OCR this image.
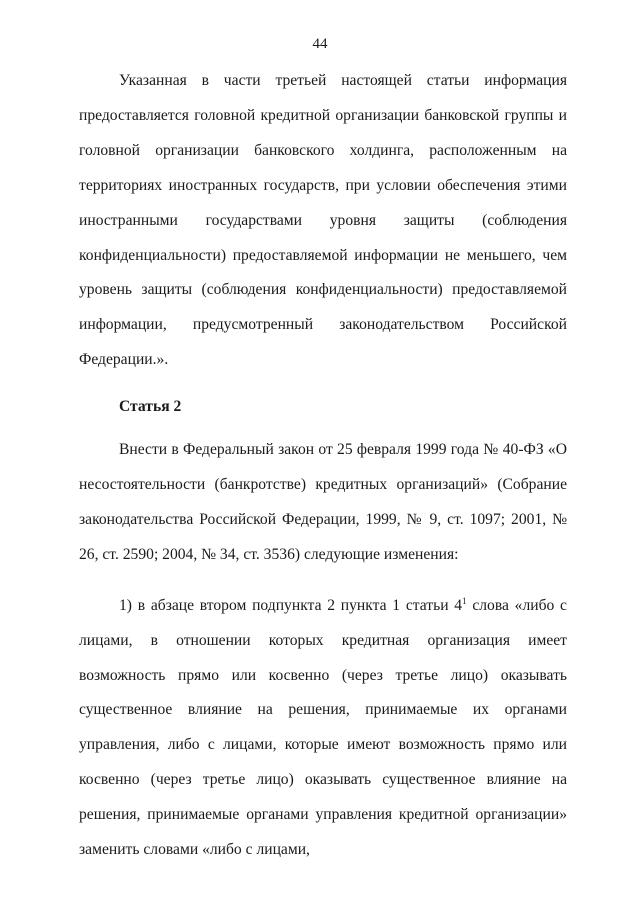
44

Указанная в части третьей настоящей статьи информация предоставляется головной кредитной организации банковской группы и головной организации банковского холдинга, расположенным на территориях иностранных государств, при условии обеспечения этими иностранными государствами уровня защиты (соблюдения конфиденциальности) предоставляемой информации не меньшего, чем уровень защиты (соблюдения конфиденциальности) предоставляемой информации, предусмотренный законодательством Российской Федерации.».

Статья 2

Внести в Федеральный закон от 25 февраля 1999 года № 40-ФЗ «О несостоятельности (банкротстве) кредитных организаций» (Собрание законодательства Российской Федерации, 1999, № 9, ст. 1097; 2001, № 26, ст. 2590; 2004, № 34, ст. 3536) следующие изменения:

1) в абзаце втором подпункта 2 пункта 1 статьи $4^1$ слова «либо с лицами, в отношении которых кредитная организация имеет возможность прямо или косвенно (через третье лицо) оказывать существенное влияние на решения, принимаемые их органами управления, либо с лицами, которые имеют возможность прямо или косвенно (через третье лицо) оказывать существенное влияние на решения, принимаемые органами управления кредитной организации» заменить словами «либо с лицами,
